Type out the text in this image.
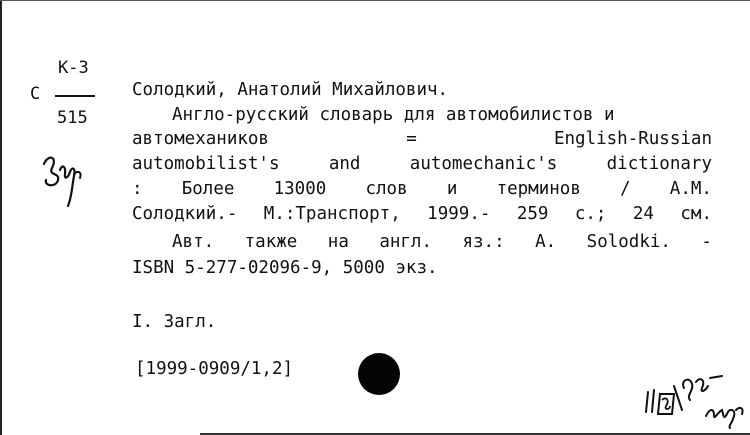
К-3
С
515
Солодкий, Анатолий Михайлович.
Англо-русский словарь для автомобилистов и
автомехаников	=	English-Russian
automobilist's	and	automechanic's	dictionary
: Более 13000 слов и терминов / А.М.
Солодкий.- М.:Транспорт, 1999.- 259 с.; 24 см.
Авт. также на англ. яз.: A. Solodki. -
ISBN 5-277-02096-9, 5000 экз.
I. Загл.
[1999-0909/1,2]
